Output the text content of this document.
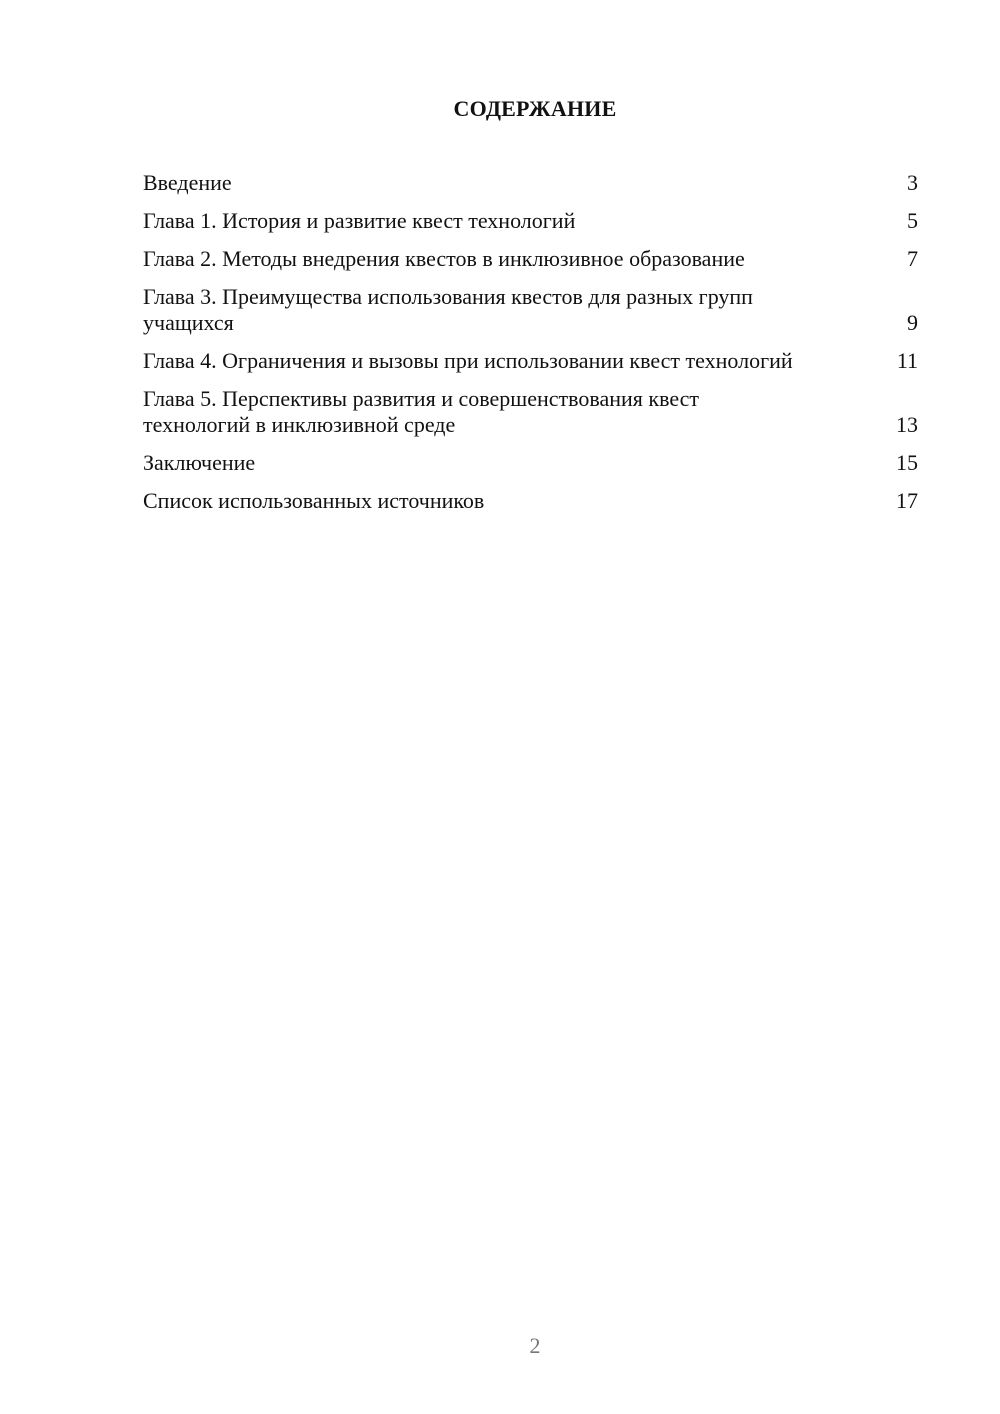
СОДЕРЖАНИЕ
Введение	3
Глава 1. История и развитие квест технологий	5
Глава 2. Методы внедрения квестов в инклюзивное образование	7
Глава 3. Преимущества использования квестов для разных групп учащихся	9
Глава 4. Ограничения и вызовы при использовании квест технологий	11
Глава 5. Перспективы развития и совершенствования квест технологий в инклюзивной среде	13
Заключение	15
Список использованных источников	17
2
